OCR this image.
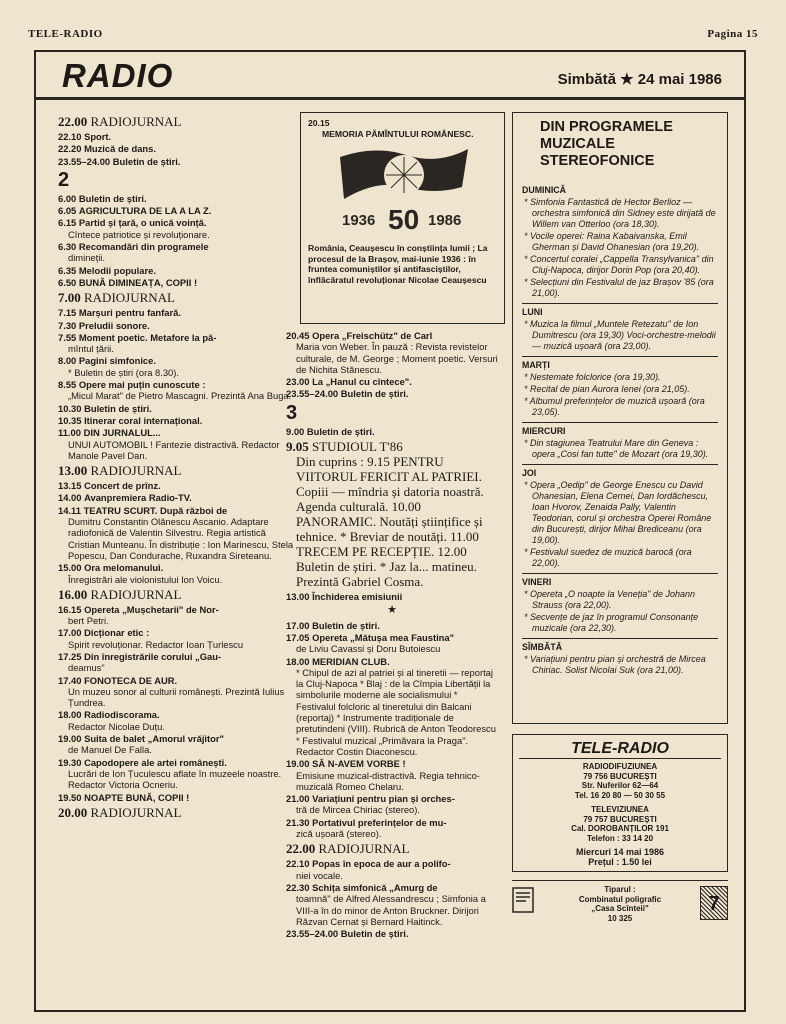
TELE-RADIO	Pagina 15
RADIO	Simbătă ★ 24 mai 1986
22.00 RADIOJURNAL
22.10 Sport.
22.20 Muzică de dans.
23.55–24.00 Buletin de știri.
2
6.00 Buletin de știri.
6.05 AGRICULTURA DE LA A LA Z.
6.15 Partid și țară, o unică voință.
Cîntece patriotice și revoluționare.
6.30 Recomandări din programele
dimineții.
6.35 Melodii populare.
6.50 BUNĂ DIMINEAȚA, COPII !
7.00 RADIOJURNAL
7.15 Marșuri pentru fanfară.
7.30 Preludii sonore.
7.55 Moment poetic. Metafore la pă-
mîntul țării.
8.00 Pagini simfonice.
* Buletin de știri (ora 8.30).
8.55 Opere mai puțin cunoscute :
„Micul Marat" de Pietro Mascagni. Prezintă Ana Buga.
10.30 Buletin de știri.
10.35 Itinerar coral internațional.
11.00 DIN JURNALUL...
UNUI AUTOMOBIL ! Fantezie distractivă. Redactor Manole Pavel Dan.
13.00 RADIOJURNAL
13.15 Concert de prînz.
14.00 Avanpremiera Radio-TV.
14.11 TEATRU SCURT. După război de
Dumitru Constantin Olănescu Ascanio. Adaptare radiofonică de Valentin Silvestru. Regia artistică Cristian Munteanu. În distribuție : Ion Marinescu, Stela Popescu, Dan Condurache, Ruxandra Sireteanu.
15.00 Ora melomanului.
Înregistrări ale violonistului Ion Voicu.
16.00 RADIOJURNAL
16.15 Opereta „Mușchetarii" de Nor-
bert Petri.
17.00 Dicționar etic :
Spirit revoluționar. Redactor Ioan Țurlescu
17.25 Din înregistrările corului „Gau-
deamus"
17.40 FONOTECA DE AUR.
Un muzeu sonor al culturii românești. Prezintă Iulius Țundrea.
18.00 Radiodiscorama.
Redactor Nicolae Duțu.
19.00 Suita de balet „Amorul vrăjitor"
de Manuel De Falla.
19.30 Capodopere ale artei românești.
Lucrări de Ion Țuculescu aflate în muzeele noastre. Redactor Victoria Ocneriu.
19.50 NOAPTE BUNĂ, COPII !
20.00 RADIOJURNAL
20.15
MEMORIA PĂMÎNTULUI ROMÂNESC.
1936 50 1986
România, Ceaușescu în conștiința lumii ; La procesul de la Brașov, mai-iunie 1936 : în fruntea comuniștilor și antifasciștilor, înflăcăratul revoluționar Nicolae Ceaușescu
20.45 Opera „Freischütz" de Carl
Maria von Weber. În pauză : Revista revistelor culturale, de M. George ; Moment poetic. Versuri de Nichita Stănescu.
23.00 La „Hanul cu cîntece".
23.55–24.00 Buletin de știri.
3
9.00 Buletin de știri.
9.05 STUDIOUL T'86
Din cuprins : 9.15 PENTRU VIITORUL FERICIT AL PATRIEI. Copiii — mîndria și datoria noastră. Agenda culturală. 10.00 PANORAMIC. Noutăți științifice și tehnice. * Breviar de noutăți. 11.00 TRECEM PE RECEPȚIE. 12.00 Buletin de știri. * Jaz la... matineu. Prezintă Gabriel Cosma.
13.00 Închiderea emisiunii
★
17.00 Buletin de știri.
17.05 Opereta „Mătușa mea Faustina"
de Liviu Cavassi și Doru Butoiescu
18.00 MERIDIAN CLUB.
* Chipul de azi al patriei și al tineretii — reportaj la Cluj-Napoca * Blaj : de la Cîmpia Libertății la simbolurile moderne ale socialismului * Festivalul folcloric al tineretului din Balcani (reportaj) * Instrumente tradiționale de pretutindeni (VIII). Rubrică de Anton Teodorescu * Festivalul muzical „Primăvara la Praga". Redactor Costin Diaconescu.
19.00 SĂ N-AVEM VORBE !
Emisiune muzical-distractivă. Regia tehnico-muzicală Romeo Chelaru.
21.00 Variațiuni pentru pian și orches-
tră de Mircea Chiriac (stereo).
21.30 Portativul preferințelor de mu-
zică ușoară (stereo).
22.00 RADIOJURNAL
22.10 Popas în epoca de aur a polifo-
niei vocale.
22.30 Schița simfonică „Amurg de
toamnă" de Alfred Alessandrescu ; Simfonia a VIII-a în do minor de Anton Bruckner. Dirijori Răzvan Cernat și Bernard Haitinck.
23.55–24.00 Buletin de știri.
DIN PROGRAMELE
MUZICALE
STEREOFONICE
DUMINICĂ
* Simfonia Fantastică de Hector Berlioz — orchestra simfonică din Sidney este dirijată de Willem van Otterloo (ora 18,30).
* Vocile operei: Raina Kabaivanska, Emil Gherman și David Ohanesian (ora 19,20).
* Concertul coralei „Cappella Transylvanica" din Cluj-Napoca, dirijor Dorin Pop (ora 20,40).
* Selecțiuni din Festivalul de jaz Brașov '85 (ora 21,00).
LUNI
* Muzica la filmul „Muntele Retezatu" de Ion Dumitrescu (ora 19,30) Voci-orchestre-melodii — muzică ușoară (ora 23,00).
MARȚI
* Nestemate folclorice (ora 19,30).
* Recital de pian Aurora Ienei (ora 21,05).
* Albumul preferințelor de muzică ușoară (ora 23,05).
MIERCURI
* Din stagiunea Teatrului Mare din Geneva : opera „Cosi fan tutte" de Mozart (ora 19,30).
JOI
* Opera „Oedip" de George Enescu cu David Ohanesian, Elena Cernei, Dan Iordăchescu, Ioan Hvorov, Zenaida Pally, Valentin Teodorian, corul și orchestra Operei Române din București, dirijor Mihai Brediceanu (ora 19,00).
* Festivalul suedez de muzică barocă (ora 22,00).
VINERI
* Opereta „O noapte la Veneția" de Johann Strauss (ora 22,00).
* Secvențe de jaz în programul Consonanțe muzicale (ora 22,30).
SÎMBĂTĂ
* Variațiuni pentru pian și orchestră de Mircea Chiriac. Solist Nicolai Suk (ora 21,00).
TELE-RADIO
RADIODIFUZIUNEA
79 756 BUCUREȘTI
Str. Nuferilor 62—64
Tel. 16 20 80 — 50 30 55
TELEVIZIUNEA
79 757 BUCUREȘTI
Cal. DOROBANȚILOR 191
Telefon : 33 14 20
Miercuri 14 mai 1986
Prețul : 1.50 lei
Tiparul :
Combinatul poligrafic
„Casa Scînteii"
10 325
7
